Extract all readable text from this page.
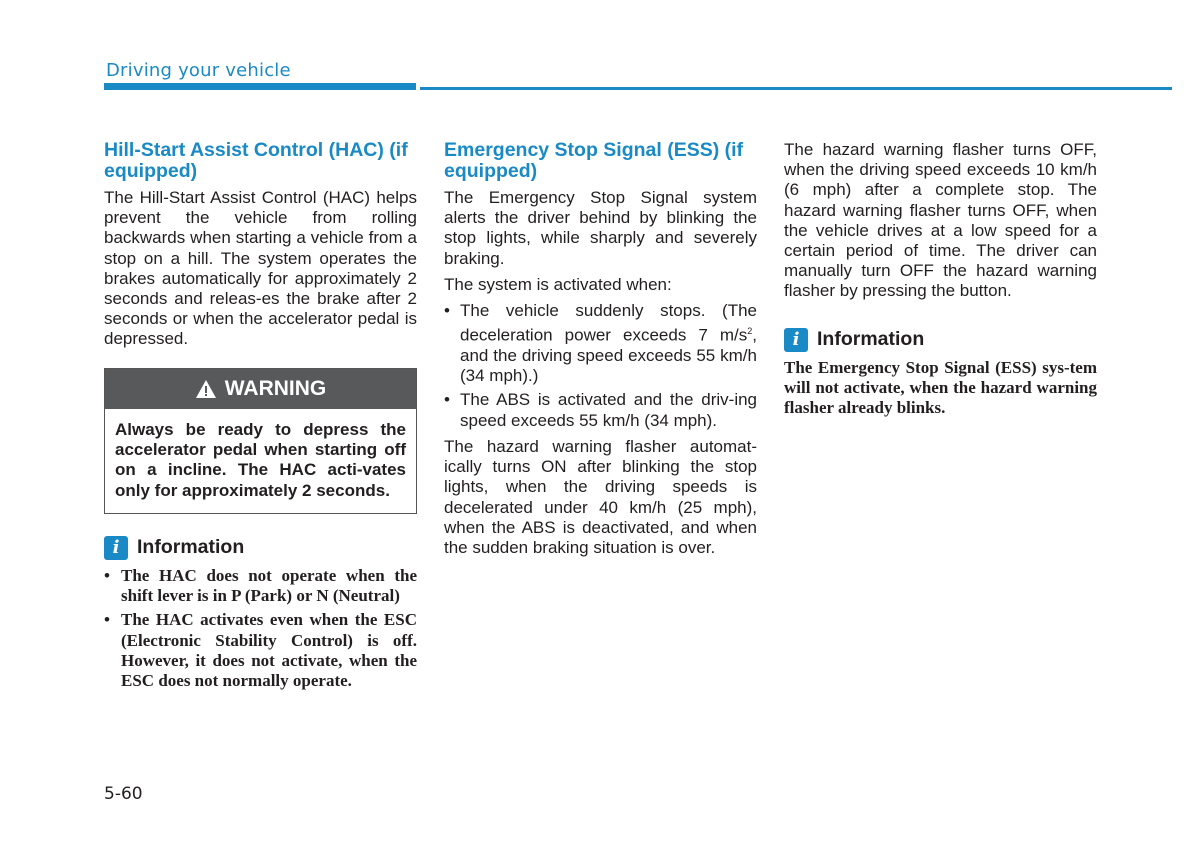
Driving your vehicle
Hill-Start Assist Control (HAC) (if equipped)

The Hill-Start Assist Control (HAC) helps prevent the vehicle from rolling backwards when starting a vehicle from a stop on a hill. The system operates the brakes automatically for approximately 2 seconds and releas-es the brake after 2 seconds or when the accelerator pedal is depressed.

WARNING
Always be ready to depress the accelerator pedal when starting off on a incline. The HAC acti-vates only for approximately 2 seconds.
i Information
• The HAC does not operate when the shift lever is in P (Park) or N (Neutral)
• The HAC activates even when the ESC (Electronic Stability Control) is off. However, it does not activate, when the ESC does not normally operate.
Emergency Stop Signal (ESS) (if equipped)

The Emergency Stop Signal system alerts the driver behind by blinking the stop lights, while sharply and severely braking.

The system is activated when:

• The vehicle suddenly stops. (The deceleration power exceeds 7 $m/s^2$, and the driving speed exceeds 55 km/h (34 mph).)
• The ABS is activated and the driv-ing speed exceeds 55 km/h (34 mph).

The hazard warning flasher automat-ically turns ON after blinking the stop lights, when the driving speeds is decelerated under 40 km/h (25 mph), when the ABS is deactivated, and when the sudden braking situation is over.

The hazard warning flasher turns OFF, when the driving speed exceeds 10 km/h (6 mph) after a complete stop. The hazard warning flasher turns OFF, when the vehicle drives at a low speed for a certain period of time. The driver can manually turn OFF the hazard warning flasher by pressing the button.

i Information

The Emergency Stop Signal (ESS) sys-tem will not activate, when the hazard warning flasher already blinks.

5-60
